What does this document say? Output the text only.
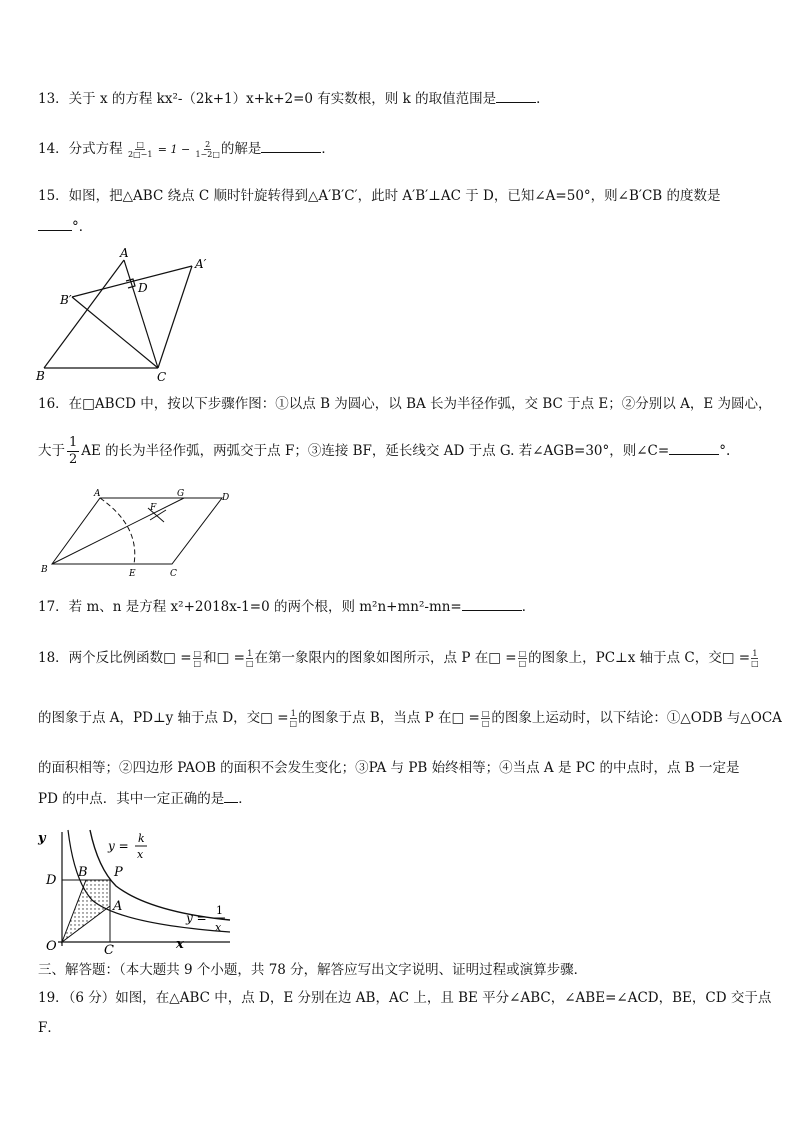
13．关于 x 的方程 kx²-（2k+1）x+k+2=0 有实数根，则 k 的取值范围是	．
14．分式方程 $\frac{□}{2□-1} = 1 - \frac{2}{1-2□}$ 的解是	．
15．如图，把△ABC 绕点 C 顺时针旋转得到△A′B′C′，此时 A′B′⊥AC 于 D，已知∠A=50°，则∠B′CB 的度数是
°．
A
A′
B′
D
B	C
16．在□ABCD 中，按以下步骤作图：①以点 B 为圆心，以 BA 长为半径作弧，交 BC 于点 E；②分别以 A，E 为圆心，
大于 $\frac{1}{2}$ AE 的长为半径作弧，两弧交于点 F；③连接 BF，延长线交 AD 于点 G. 若∠AGB=30°，则∠C=	°.
A	G	D
F
B	E	C
17．若 m、n 是方程 x²+2018x-1=0 的两个根，则 m²n+mn²-mn=	．
18．两个反比例函数□ = $\frac{□}{□}$ 和□ = $\frac{1}{□}$ 在第一象限内的图象如图所示，点 P 在□ = $\frac{□}{□}$ 的图象上，PC⊥x 轴于点 C，交□ = $\frac{1}{□}$
的图象于点 A，PD⊥y 轴于点 D，交□ = $\frac{1}{□}$ 的图象于点 B，当点 P 在□ = $\frac{□}{□}$ 的图象上运动时，以下结论：①△ODB 与△OCA
的面积相等；②四边形 PAOB 的面积不会发生变化；③PA 与 PB 始终相等；④当点 A 是 PC 的中点时，点 B 一定是
PD 的中点．其中一定正确的是 ．
y
x
O
D
B P
A
C
y =
k
x
y =
1
x
三、解答题：（本大题共 9 个小题，共 78 分，解答应写出文字说明、证明过程或演算步骤．
19．（6 分）如图，在△ABC 中，点 D，E 分别在边 AB，AC 上，且 BE 平分∠ABC，∠ABE=∠ACD，BE，CD 交于点
F．
